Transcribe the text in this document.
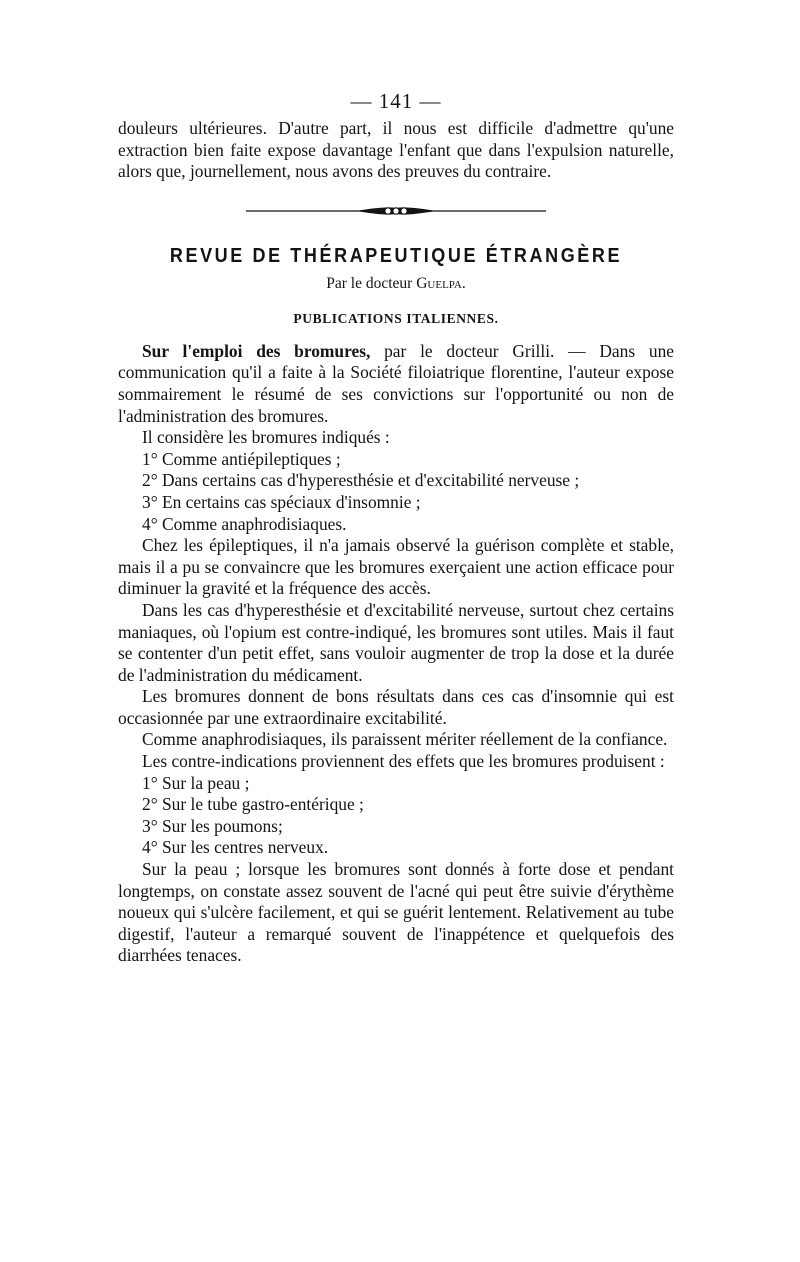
— 141 —

douleurs ultérieures. D'autre part, il nous est difficile d'admettre qu'une extraction bien faite expose davantage l'enfant que dans l'expulsion naturelle, alors que, journellement, nous avons des preuves du contraire.

REVUE DE THÉRAPEUTIQUE ÉTRANGÈRE
Par le docteur Guelpa.
PUBLICATIONS ITALIENNES.

Sur l'emploi des bromures, par le docteur Grilli. — Dans une communication qu'il a faite à la Société filoiatrique florentine, l'auteur expose sommairement le résumé de ses convictions sur l'opportunité ou non de l'administration des bromures.

Il considère les bromures indiqués :

1° Comme antiépileptiques ;

2° Dans certains cas d'hyperesthésie et d'excitabilité nerveuse ;

3° En certains cas spéciaux d'insomnie ;

4° Comme anaphrodisiaques.

Chez les épileptiques, il n'a jamais observé la guérison complète et stable, mais il a pu se convaincre que les bromures exerçaient une action efficace pour diminuer la gravité et la fréquence des accès.

Dans les cas d'hyperesthésie et d'excitabilité nerveuse, surtout chez certains maniaques, où l'opium est contre-indiqué, les bromures sont utiles. Mais il faut se contenter d'un petit effet, sans vouloir augmenter de trop la dose et la durée de l'administration du médicament.

Les bromures donnent de bons résultats dans ces cas d'insomnie qui est occasionnée par une extraordinaire excitabilité.

Comme anaphrodisiaques, ils paraissent mériter réellement de la confiance.

Les contre-indications proviennent des effets que les bromures produisent :

1° Sur la peau ;

2° Sur le tube gastro-entérique ;

3° Sur les poumons;

4° Sur les centres nerveux.

Sur la peau ; lorsque les bromures sont donnés à forte dose et pendant longtemps, on constate assez souvent de l'acné qui peut être suivie d'érythème noueux qui s'ulcère facilement, et qui se guérit lentement. Relativement au tube digestif, l'auteur a remarqué souvent de l'inappétence et quelquefois des diarrhées tenaces.
